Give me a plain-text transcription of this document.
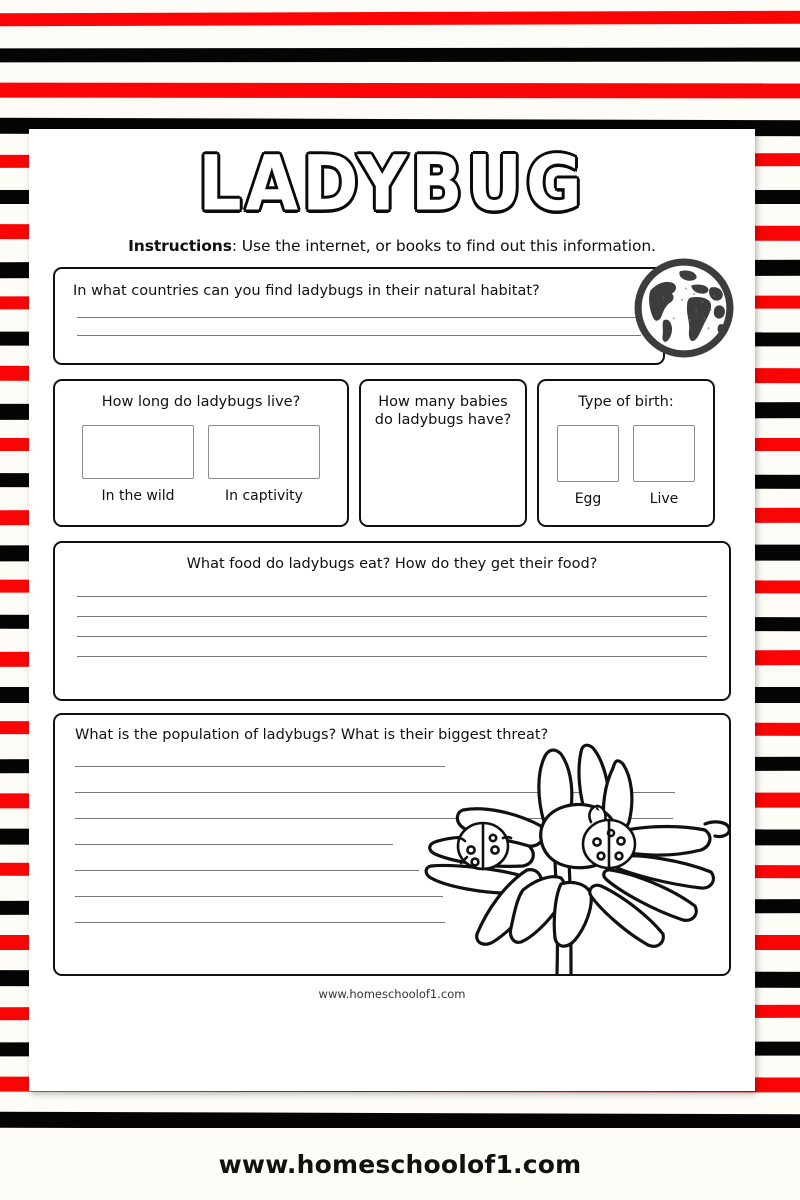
LADYBUG
Instructions: Use the internet, or books to find out this information.
In what countries can you find ladybugs in their natural habitat?
How long do ladybugs live?
In the wild	In captivity
How many babies do ladybugs have?
Type of birth:
Egg	Live
What food do ladybugs eat? How do they get their food?
What is the population of ladybugs? What is their biggest threat?
www.homeschoolof1.com
www.homeschoolof1.com
